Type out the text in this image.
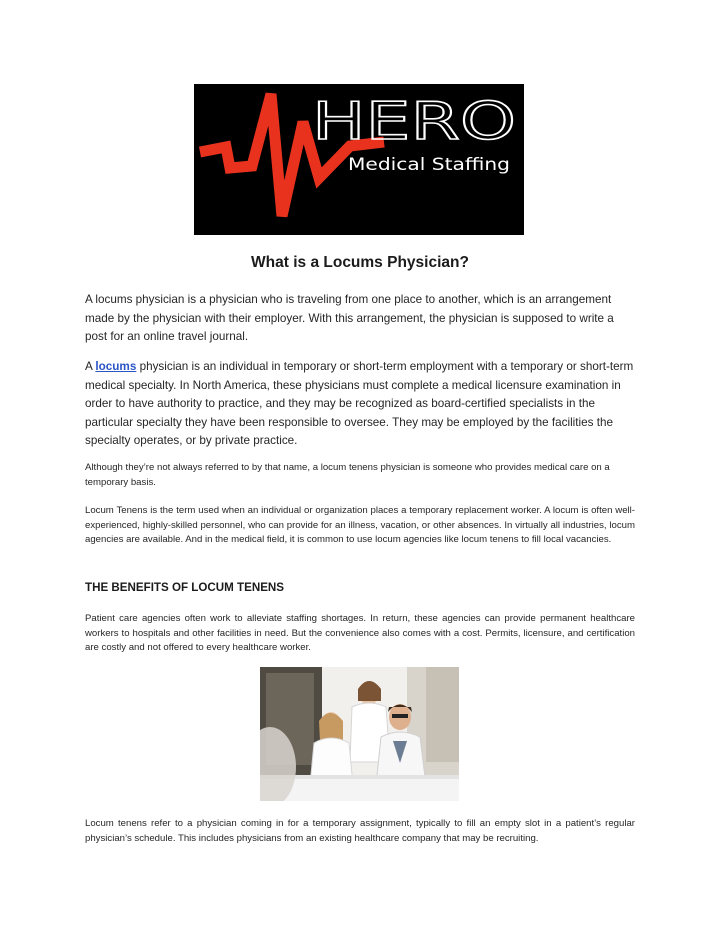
HERO
Medical Staffing
What is a Locums Physician?

A locums physician is a physician who is traveling from one place to another, which is an arrangement made by the physician with their employer. With this arrangement, the physician is supposed to write a post for an online travel journal.

A locums physician is an individual in temporary or short-term employment with a temporary or short-term medical specialty. In North America, these physicians must complete a medical licensure examination in order to have authority to practice, and they may be recognized as board-certified specialists in the particular specialty they have been responsible to oversee. They may be employed by the facilities the specialty operates, or by private practice.

Although they’re not always referred to by that name, a locum tenens physician is someone who provides medical care on a temporary basis.

Locum Tenens is the term used when an individual or organization places a temporary replacement worker. A locum is often well-experienced, highly-skilled personnel, who can provide for an illness, vacation, or other absences. In virtually all industries, locum agencies are available. And in the medical field, it is common to use locum agencies like locum tenens to fill local vacancies.

THE BENEFITS OF LOCUM TENENS

Patient care agencies often work to alleviate staffing shortages. In return, these agencies can provide permanent healthcare workers to hospitals and other facilities in need. But the convenience also comes with a cost. Permits, licensure, and certification are costly and not offered to every healthcare worker.

Locum tenens refer to a physician coming in for a temporary assignment, typically to fill an empty slot in a patient’s regular physician’s schedule. This includes physicians from an existing healthcare company that may be recruiting.
